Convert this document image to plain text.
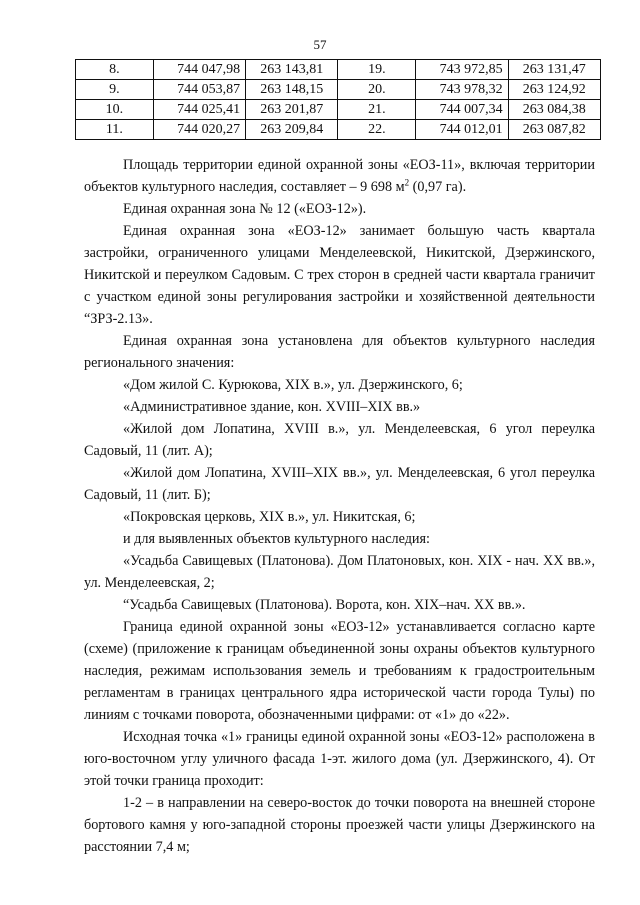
57
8.	744 047,98	263 143,81	19.	743 972,85	263 131,47
9.	744 053,87	263 148,15	20.	743 978,32	263 124,92
10.	744 025,41	263 201,87	21.	744 007,34	263 084,38
11.	744 020,27	263 209,84	22.	744 012,01	263 087,82

Площадь территории единой охранной зоны «ЕОЗ-11», включая территории объектов культурного наследия, составляет – 9 698 $м^2$ (0,97 га).

Единая охранная зона № 12 («ЕОЗ-12»).

Единая охранная зона «ЕОЗ-12» занимает большую часть квартала застройки, ограниченного улицами Менделеевской, Никитской, Дзержинского, Никитской и переулком Садовым. С трех сторон в средней части квартала граничит с участком единой зоны регулирования застройки и хозяйственной деятельности “ЗРЗ-2.13».

Единая охранная зона установлена для объектов культурного наследия регионального значения:

«Дом жилой С. Курюкова, XIX в.», ул. Дзержинского, 6;

«Административное здание, кон. XVIII–XIX вв.»

«Жилой дом Лопатина, XVIII в.», ул. Менделеевская, 6 угол переулка Садовый, 11 (лит. А);

«Жилой дом Лопатина, XVIII–XIX вв.», ул. Менделеевская, 6 угол переулка Садовый, 11 (лит. Б);

«Покровская церковь, XIX в.», ул. Никитская, 6;

и для выявленных объектов культурного наследия:

«Усадьба Савищевых (Платонова). Дом Платоновых, кон. XIX - нач. XX вв.», ул. Менделеевская, 2;

“Усадьба Савищевых (Платонова). Ворота, кон. XIX–нач. XX вв.».

Граница единой охранной зоны «ЕОЗ-12» устанавливается согласно карте (схеме) (приложение к границам объединенной зоны охраны объектов культурного наследия, режимам использования земель и требованиям к градостроительным регламентам в границах центрального ядра исторической части города Тулы) по линиям с точками поворота, обозначенными цифрами: от «1» до «22».

Исходная точка «1» границы единой охранной зоны «ЕОЗ-12» расположена в юго-восточном углу уличного фасада 1-эт. жилого дома (ул. Дзержинского, 4). От этой точки граница проходит:

1-2 – в направлении на северо-восток до точки поворота на внешней стороне бортового камня у юго-западной стороны проезжей части улицы Дзержинского на расстоянии 7,4 м;
